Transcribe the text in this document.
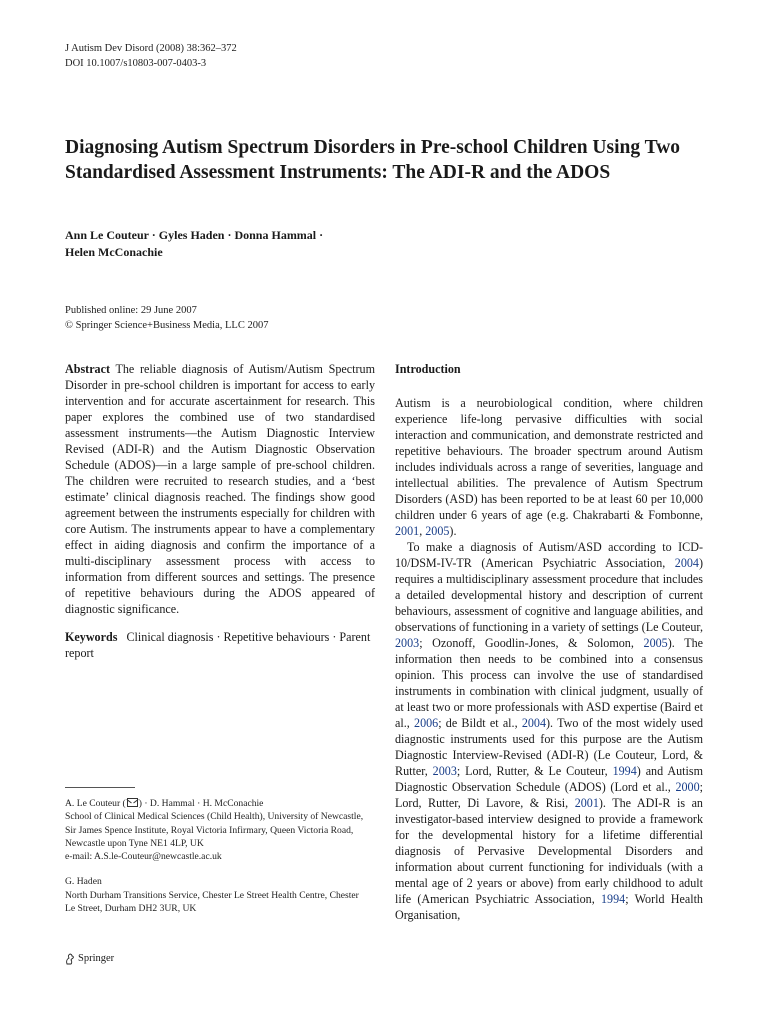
J Autism Dev Disord (2008) 38:362–372
DOI 10.1007/s10803-007-0403-3
Diagnosing Autism Spectrum Disorders in Pre-school Children Using Two Standardised Assessment Instruments: The ADI-R and the ADOS
Ann Le Couteur · Gyles Haden · Donna Hammal ·
Helen McConachie
Published online: 29 June 2007
© Springer Science+Business Media, LLC 2007

Abstract The reliable diagnosis of Autism/Autism Spectrum Disorder in pre-school children is important for access to early intervention and for accurate ascertainment for research. This paper explores the combined use of two standardised assessment instruments—the Autism Diagnostic Interview Revised (ADI-R) and the Autism Diagnostic Observation Schedule (ADOS)—in a large sample of pre-school children. The children were recruited to research studies, and a ‘best estimate’ clinical diagnosis reached. The findings show good agreement between the instruments especially for children with core Autism. The instruments appear to have a complementary effect in aiding diagnosis and confirm the importance of a multi-disciplinary assessment process with access to information from different sources and settings. The presence of repetitive behaviours during the ADOS appeared of diagnostic significance.

Keywords Clinical diagnosis · Repetitive behaviours · Parent report

A. Le Couteur ( ) · D. Hammal · H. McConachie
School of Clinical Medical Sciences (Child Health), University of Newcastle, Sir James Spence Institute, Royal Victoria Infirmary, Queen Victoria Road, Newcastle upon Tyne NE1 4LP, UK
e-mail: A.S.le-Couteur@newcastle.ac.uk
G. Haden
North Durham Transitions Service, Chester Le Street Health Centre, Chester Le Street, Durham DH2 3UR, UK
Springer
Introduction

Autism is a neurobiological condition, where children experience life-long pervasive difficulties with social interaction and communication, and demonstrate restricted and repetitive behaviours. The broader spectrum around Autism includes individuals across a range of severities, language and intellectual abilities. The prevalence of Autism Spectrum Disorders (ASD) has been reported to be at least 60 per 10,000 children under 6 years of age (e.g. Chakrabarti & Fombonne, 2001, 2005).

To make a diagnosis of Autism/ASD according to ICD-10/DSM-IV-TR (American Psychiatric Association, 2004) requires a multidisciplinary assessment procedure that includes a detailed developmental history and description of current behaviours, assessment of cognitive and language abilities, and observations of functioning in a variety of settings (Le Couteur, 2003; Ozonoff, Goodlin-Jones, & Solomon, 2005). The information then needs to be combined into a consensus opinion. This process can involve the use of standardised instruments in combination with clinical judgment, usually of at least two or more professionals with ASD expertise (Baird et al., 2006; de Bildt et al., 2004). Two of the most widely used diagnostic instruments used for this purpose are the Autism Diagnostic Interview-Revised (ADI-R) (Le Couteur, Lord, & Rutter, 2003; Lord, Rutter, & Le Couteur, 1994) and Autism Diagnostic Observation Schedule (ADOS) (Lord et al., 2000; Lord, Rutter, Di Lavore, & Risi, 2001). The ADI-R is an investigator-based interview designed to provide a framework for the developmental history for a lifetime differential diagnosis of Pervasive Developmental Disorders and information about current functioning for individuals (with a mental age of 2 years or above) from early childhood to adult life (American Psychiatric Association, 1994; World Health Organisation,
